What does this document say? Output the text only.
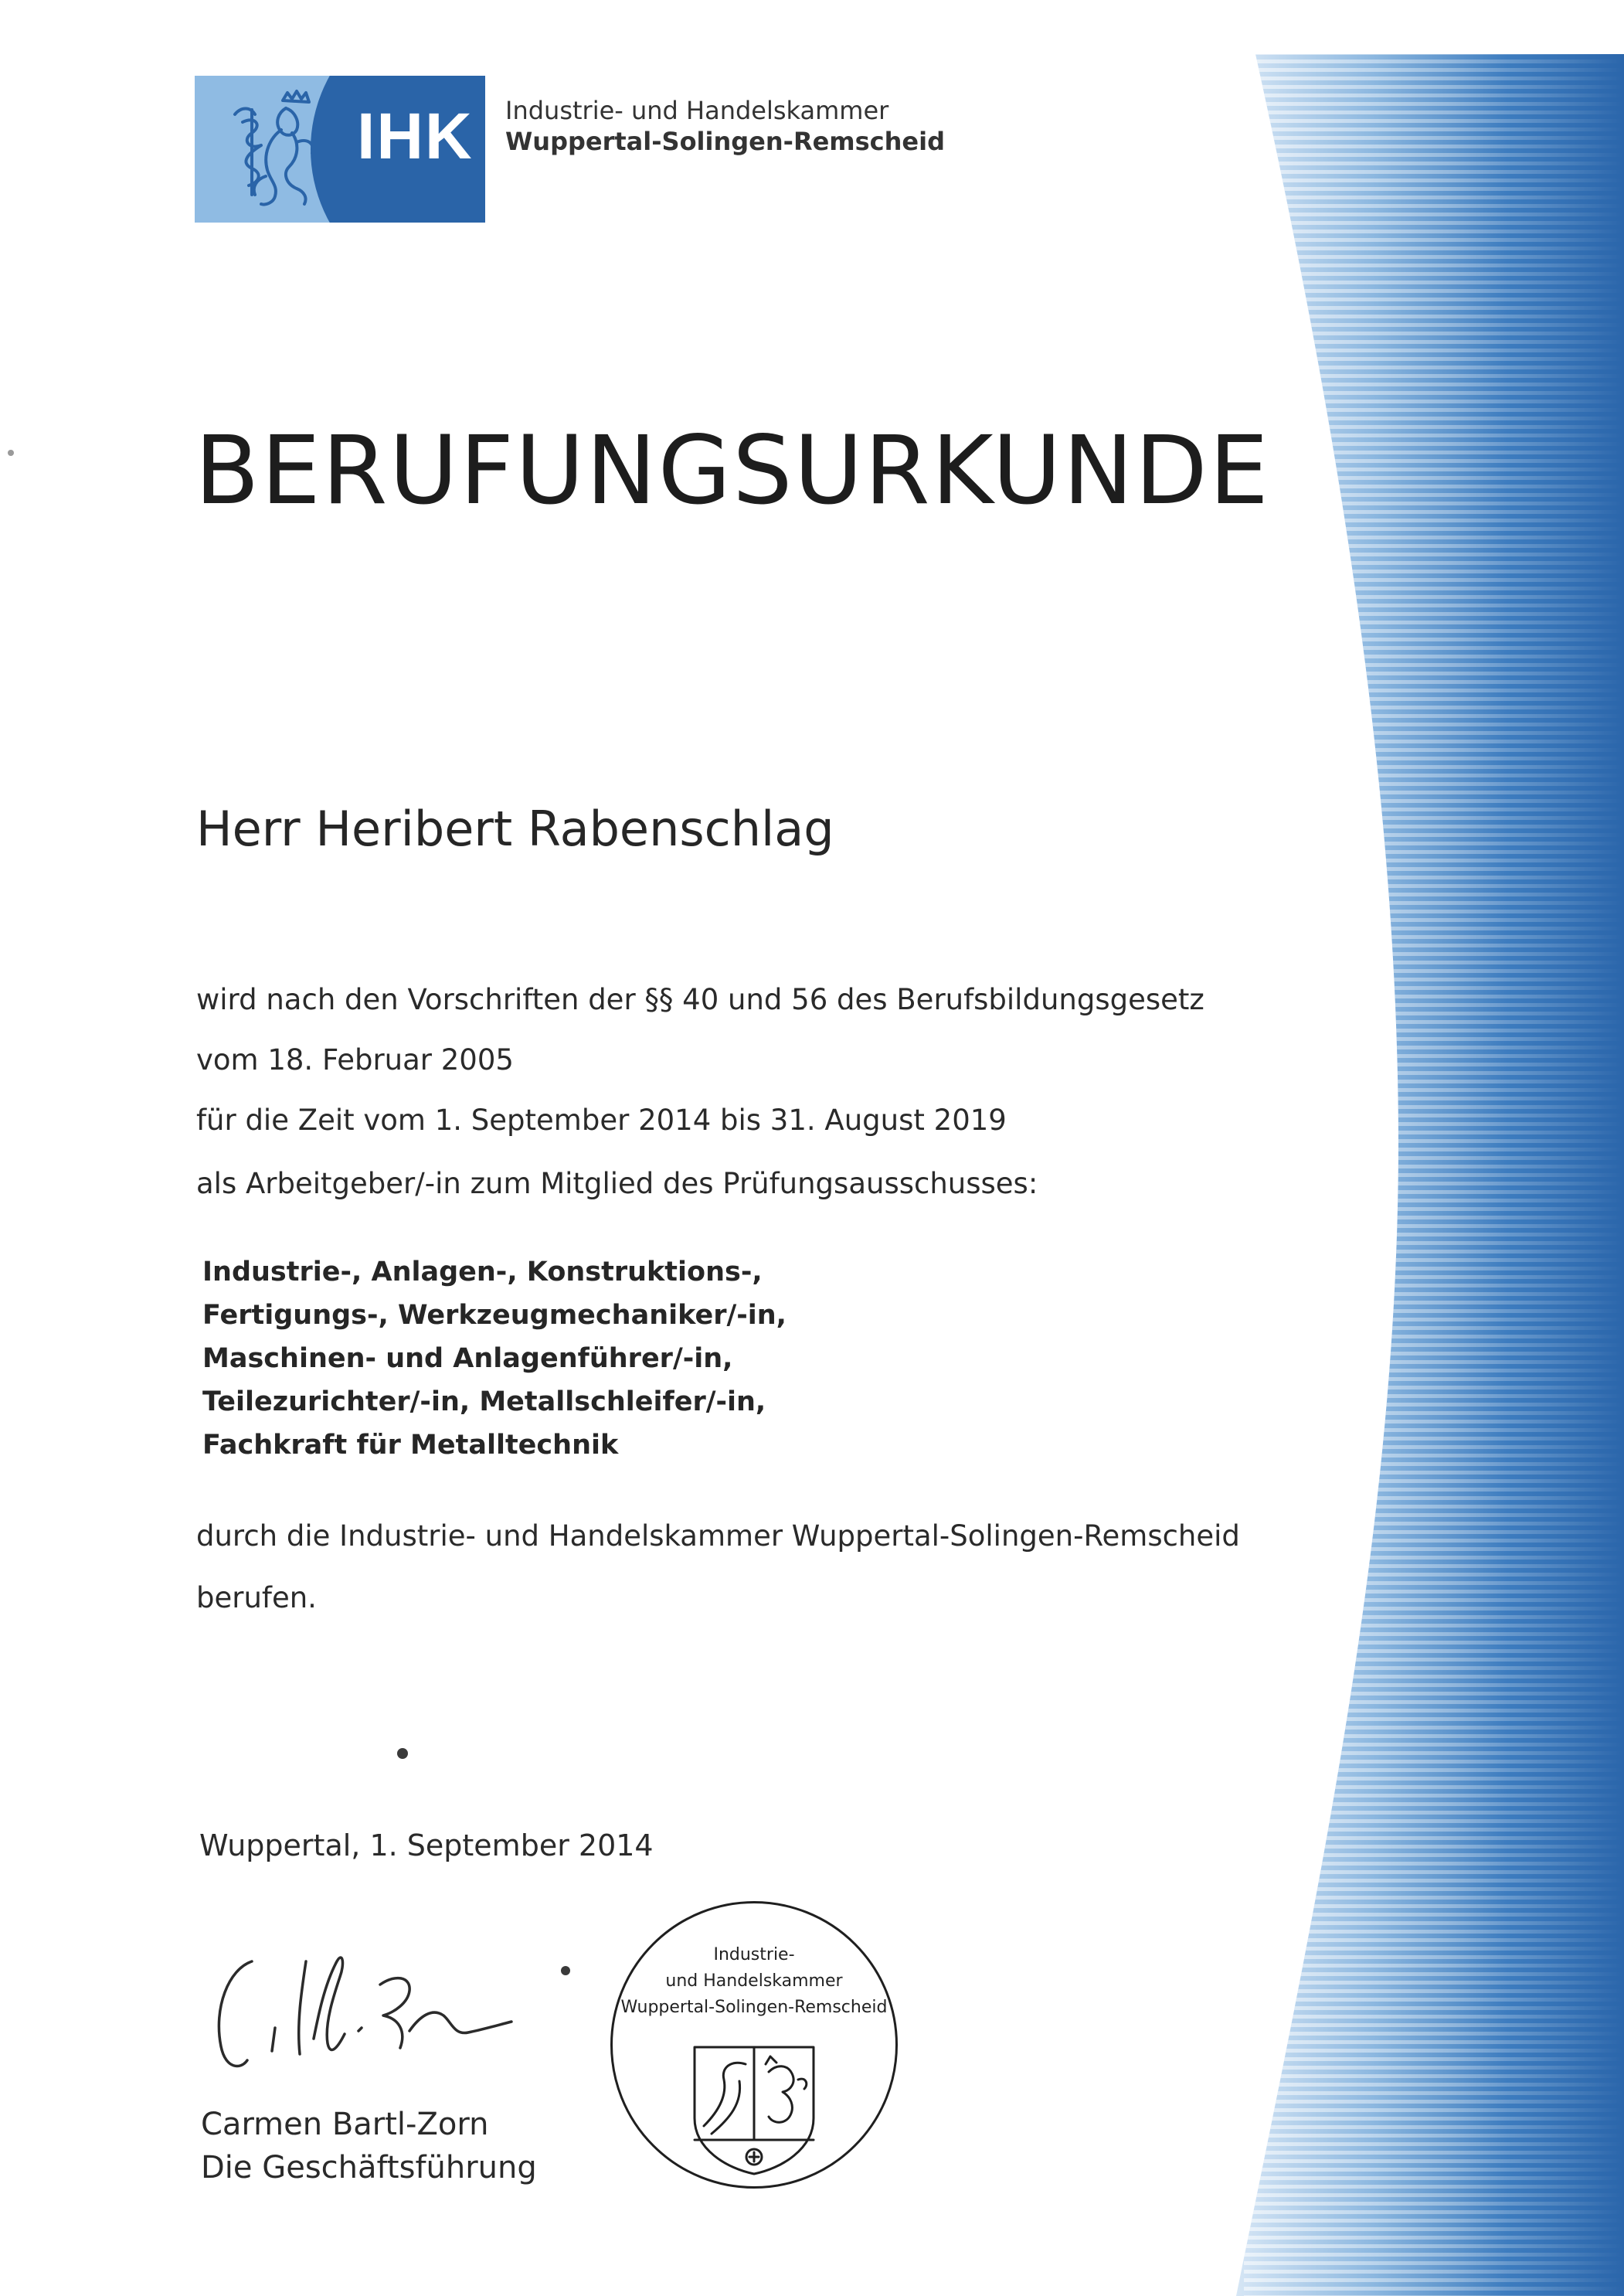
IHK Industrie- und Handelskammer
Wuppertal-Solingen-Remscheid
BERUFUNGSURKUNDE
Herr Heribert Rabenschlag
wird nach den Vorschriften der §§ 40 und 56 des Berufsbildungsgesetz
vom 18. Februar 2005
für die Zeit vom 1. September 2014 bis 31. August 2019
als Arbeitgeber/-in zum Mitglied des Prüfungsausschusses:
Industrie-, Anlagen-, Konstruktions-,
Fertigungs-, Werkzeugmechaniker/-in,
Maschinen- und Anlagenführer/-in,
Teilezurichter/-in, Metallschleifer/-in,
Fachkraft für Metalltechnik
durch die Industrie- und Handelskammer Wuppertal-Solingen-Remscheid
berufen.
Wuppertal, 1. September 2014
Carmen Bartl-Zorn
Die Geschäftsführung
Industrie-
und Handelskammer
Wuppertal-Solingen-Remscheid
